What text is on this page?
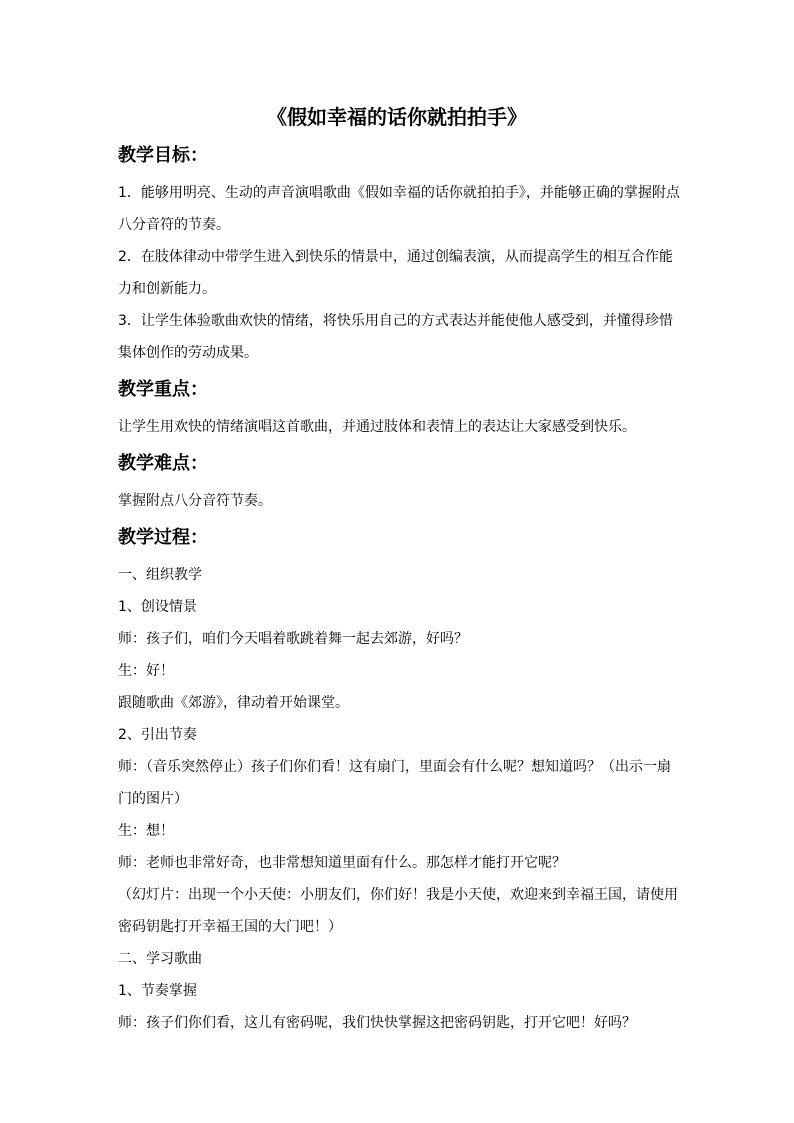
《假如幸福的话你就拍拍手》

教学目标：

1．能够用明亮、生动的声音演唱歌曲《假如幸福的话你就拍拍手》，并能够正确的掌握附点八分音符的节奏。

2．在肢体律动中带学生进入到快乐的情景中，通过创编表演，从而提高学生的相互合作能力和创新能力。

3．让学生体验歌曲欢快的情绪，将快乐用自己的方式表达并能使他人感受到，并懂得珍惜集体创作的劳动成果。

教学重点：

让学生用欢快的情绪演唱这首歌曲，并通过肢体和表情上的表达让大家感受到快乐。

教学难点：

掌握附点八分音符节奏。

教学过程：

一、组织教学

1、创设情景

师：孩子们，咱们今天唱着歌跳着舞一起去郊游，好吗？

生：好！

跟随歌曲《郊游》，律动着开始课堂。

2、引出节奏

师：（音乐突然停止）孩子们你们看！这有扇门，里面会有什么呢？想知道吗？（出示一扇门的图片）

生：想！

师：老师也非常好奇，也非常想知道里面有什么。那怎样才能打开它呢？

（幻灯片：出现一个小天使：小朋友们，你们好！我是小天使，欢迎来到幸福王国，请使用密码钥匙打开幸福王国的大门吧！）

二、学习歌曲

1、节奏掌握

师：孩子们你们看，这儿有密码呢，我们快快掌握这把密码钥匙，打开它吧！好吗？
